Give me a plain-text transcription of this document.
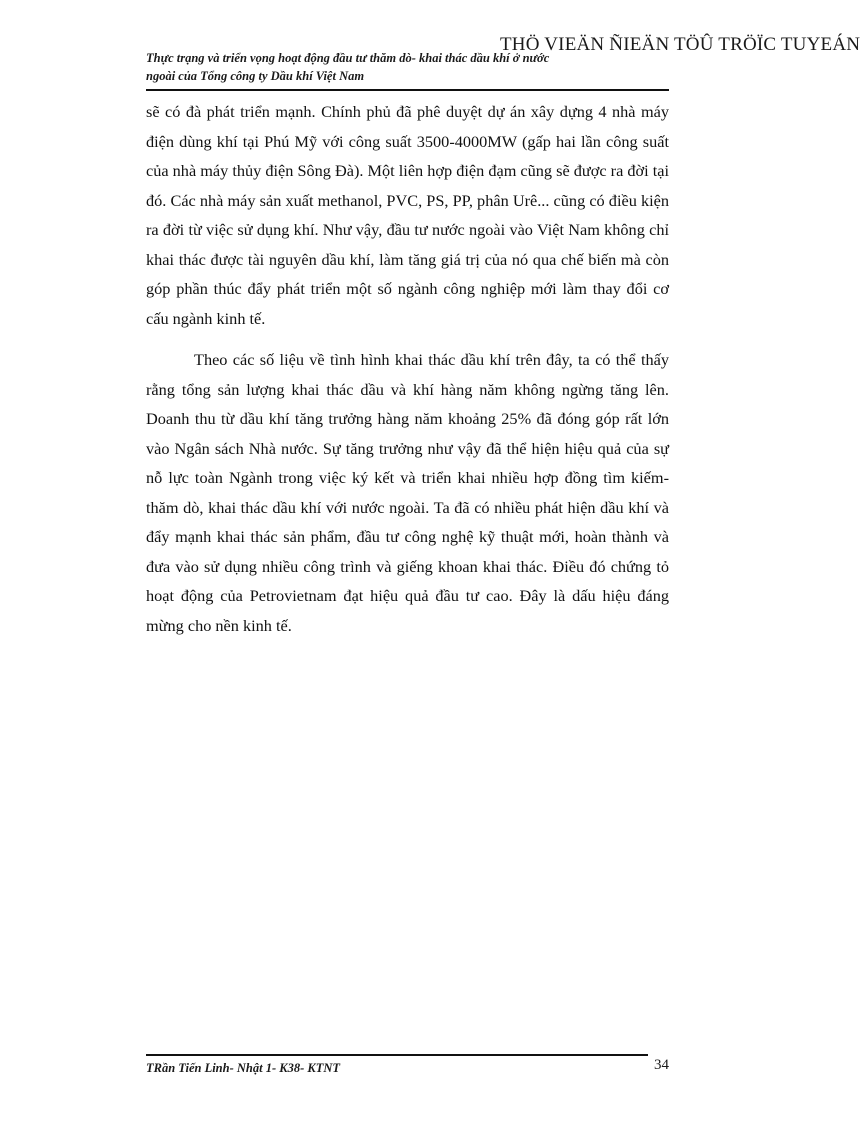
THÖ VIEÄN ÑIEÄN TÖÛ TRÖÏC TUYEÁN
Thực trạng và triển vọng hoạt động đầu tư thăm dò- khai thác dầu khí ở nước
ngoài của Tổng công ty Dầu khí Việt Nam

sẽ có đà phát triển mạnh. Chính phủ đã phê duyệt dự án xây dựng 4 nhà máy điện dùng khí tại Phú Mỹ với công suất 3500-4000MW (gấp hai lần công suất của nhà máy thủy điện Sông Đà). Một liên hợp điện đạm cũng sẽ được ra đời tại đó. Các nhà máy sản xuất methanol, PVC, PS, PP, phân Urê... cũng có điều kiện ra đời từ việc sử dụng khí. Như vậy, đầu tư nước ngoài vào Việt Nam không chỉ khai thác được tài nguyên dầu khí, làm tăng giá trị của nó qua chế biến mà còn góp phần thúc đẩy phát triển một số ngành công nghiệp mới làm thay đổi cơ cấu ngành kinh tế.

Theo các số liệu về tình hình khai thác dầu khí trên đây, ta có thể thấy rằng tổng sản lượng khai thác dầu và khí hàng năm không ngừng tăng lên. Doanh thu từ dầu khí tăng trưởng hàng năm khoảng 25% đã đóng góp rất lớn vào Ngân sách Nhà nước. Sự tăng trưởng như vậy đã thể hiện hiệu quả của sự nỗ lực toàn Ngành trong việc ký kết và triển khai nhiều hợp đồng tìm kiếm-thăm dò, khai thác dầu khí với nước ngoài. Ta đã có nhiều phát hiện dầu khí và đẩy mạnh khai thác sản phẩm, đầu tư công nghệ kỹ thuật mới, hoàn thành và đưa vào sử dụng nhiều công trình và giếng khoan khai thác. Điều đó chứng tỏ hoạt động của Petrovietnam đạt hiệu quả đầu tư cao. Đây là dấu hiệu đáng mừng cho nền kinh tế.

TRần Tiến Linh- Nhật 1- K38- KTNT	34
